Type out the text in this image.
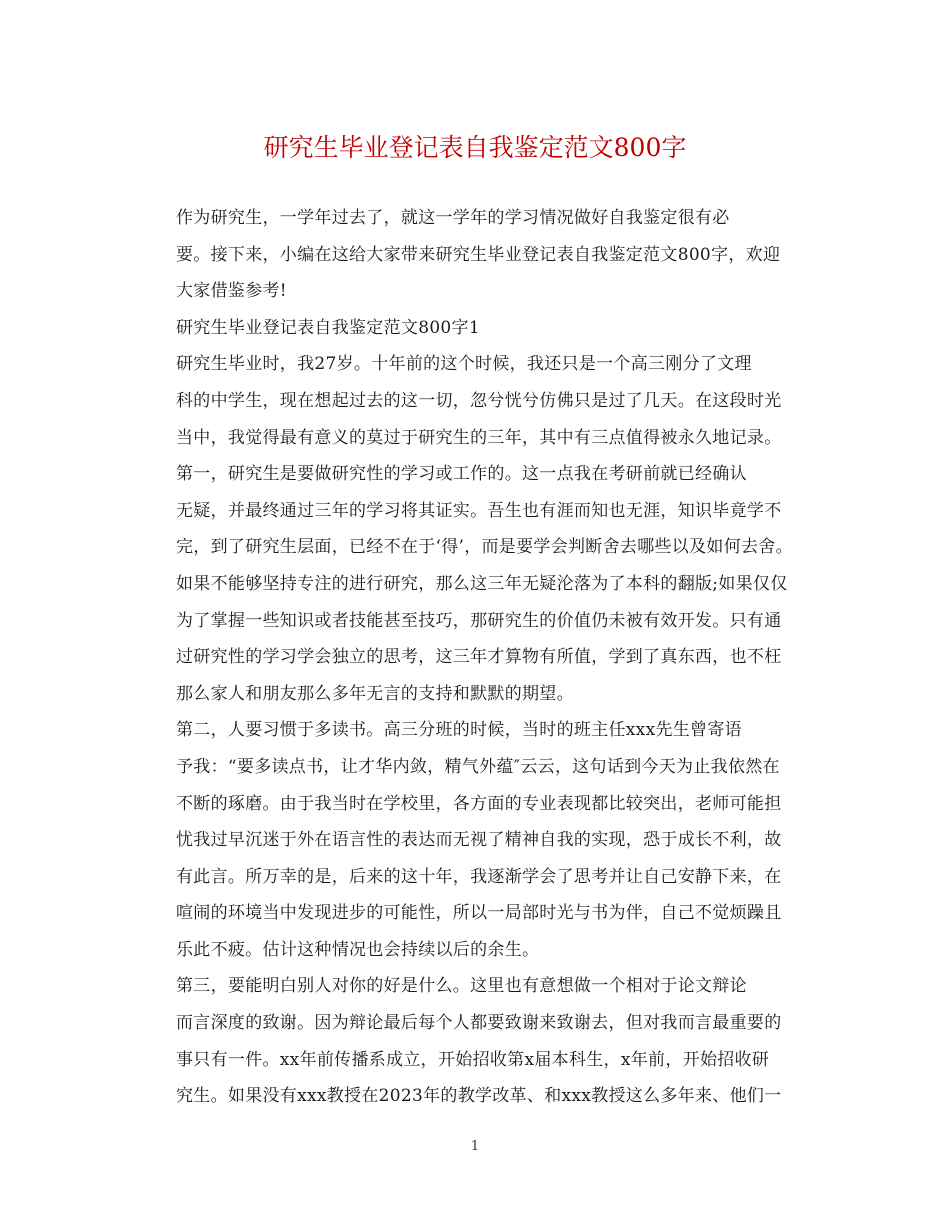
研究生毕业登记表自我鉴定范文800字

作为研究生，一学年过去了，就这一学年的学习情况做好自我鉴定很有必
要。接下来，小编在这给大家带来研究生毕业登记表自我鉴定范文800字，欢迎
大家借鉴参考!

研究生毕业登记表自我鉴定范文800字1

研究生毕业时，我27岁。十年前的这个时候，我还只是一个高三刚分了文理
科的中学生，现在想起过去的这一切，忽兮恍兮仿佛只是过了几天。在这段时光
当中，我觉得最有意义的莫过于研究生的三年，其中有三点值得被永久地记录。

第一，研究生是要做研究性的学习或工作的。这一点我在考研前就已经确认
无疑，并最终通过三年的学习将其证实。吾生也有涯而知也无涯，知识毕竟学不
完，到了研究生层面，已经不在于‘得’，而是要学会判断舍去哪些以及如何去舍。
如果不能够坚持专注的进行研究，那么这三年无疑沦落为了本科的翻版;如果仅仅
为了掌握一些知识或者技能甚至技巧，那研究生的价值仍未被有效开发。只有通
过研究性的学习学会独立的思考，这三年才算物有所值，学到了真东西，也不枉
那么家人和朋友那么多年无言的支持和默默的期望。

第二，人要习惯于多读书。高三分班的时候，当时的班主任xxx先生曾寄语
予我：“要多读点书，让才华内敛，精气外蕴″云云，这句话到今天为止我依然在
不断的琢磨。由于我当时在学校里，各方面的专业表现都比较突出，老师可能担
忧我过早沉迷于外在语言性的表达而无视了精神自我的实现，恐于成长不利，故
有此言。所万幸的是，后来的这十年，我逐渐学会了思考并让自己安静下来，在
喧闹的环境当中发现进步的可能性，所以一局部时光与书为伴，自己不觉烦躁且
乐此不疲。估计这种情况也会持续以后的余生。

第三，要能明白别人对你的好是什么。这里也有意想做一个相对于论文辩论
而言深度的致谢。因为辩论最后每个人都要致谢来致谢去，但对我而言最重要的
事只有一件。xx年前传播系成立，开始招收第x届本科生，x年前，开始招收研
究生。如果没有xxx教授在2023年的教学改革、和xxx教授这么多年来、他们一

1
